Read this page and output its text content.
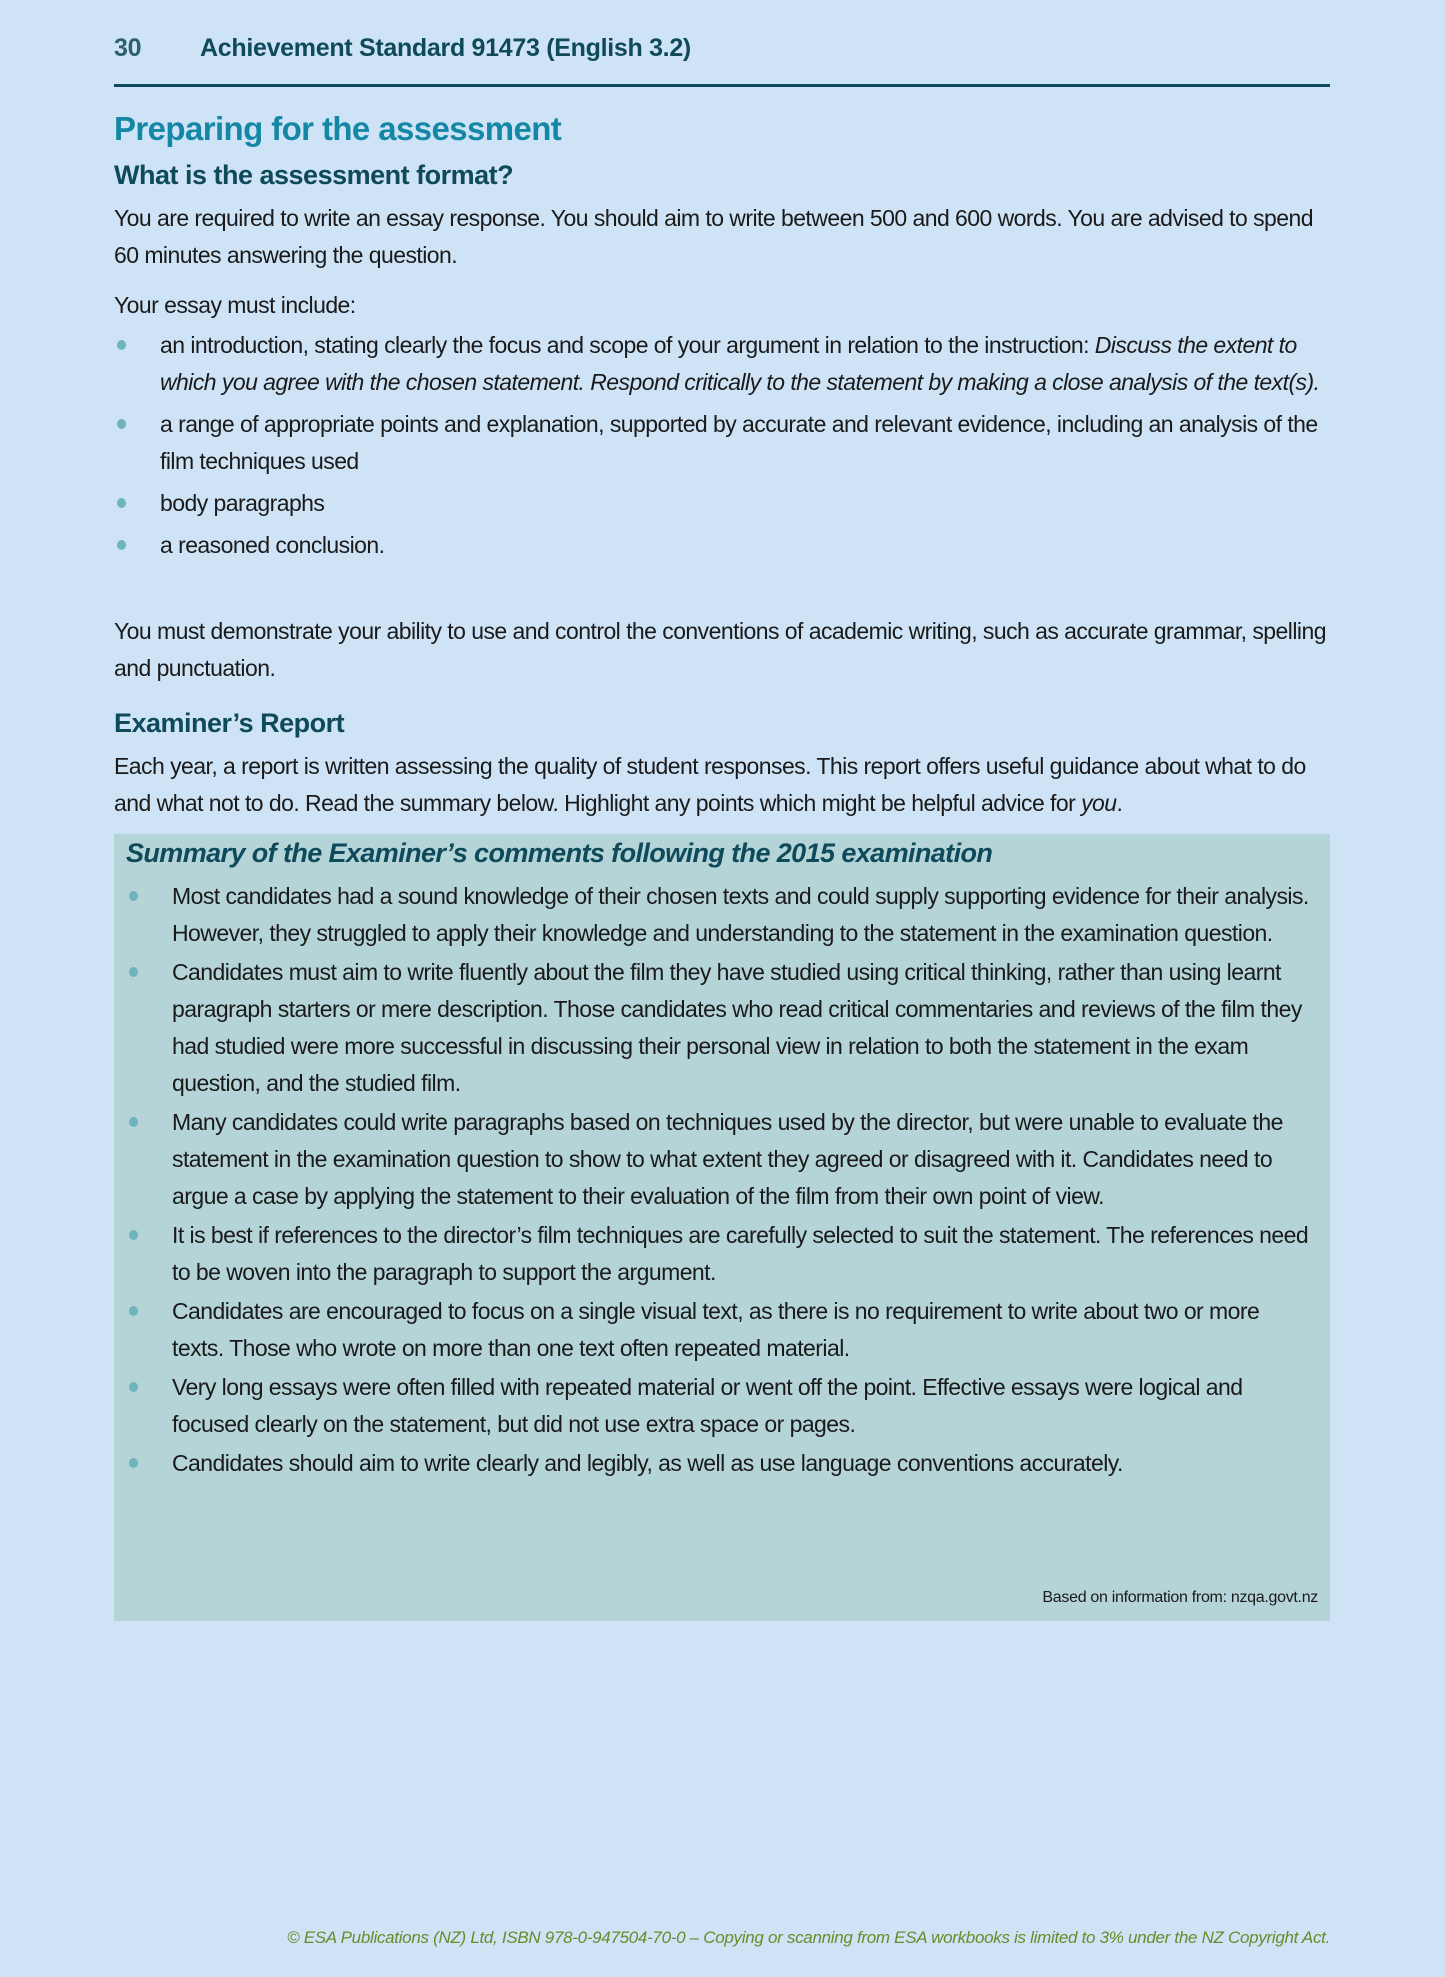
30	Achievement Standard 91473 (English 3.2)
Preparing for the assessment
What is the assessment format?
You are required to write an essay response. You should aim to write between 500 and 600 words. You are advised to spend 60 minutes answering the question.
Your essay must include:
an introduction, stating clearly the focus and scope of your argument in relation to the instruction: Discuss the extent to which you agree with the chosen statement. Respond critically to the statement by making a close analysis of the text(s).
a range of appropriate points and explanation, supported by accurate and relevant evidence, including an analysis of the film techniques used
body paragraphs
a reasoned conclusion.
You must demonstrate your ability to use and control the conventions of academic writing, such as accurate grammar, spelling and punctuation.
Examiner’s Report
Each year, a report is written assessing the quality of student responses. This report offers useful guidance about what to do and what not to do. Read the summary below. Highlight any points which might be helpful advice for you.
Summary of the Examiner’s comments following the 2015 examination
Most candidates had a sound knowledge of their chosen texts and could supply supporting evidence for their analysis. However, they struggled to apply their knowledge and understanding to the statement in the examination question.
Candidates must aim to write fluently about the film they have studied using critical thinking, rather than using learnt paragraph starters or mere description. Those candidates who read critical commentaries and reviews of the film they had studied were more successful in discussing their personal view in relation to both the statement in the exam question, and the studied film.
Many candidates could write paragraphs based on techniques used by the director, but were unable to evaluate the statement in the examination question to show to what extent they agreed or disagreed with it. Candidates need to argue a case by applying the statement to their evaluation of the film from their own point of view.
It is best if references to the director’s film techniques are carefully selected to suit the statement. The references need to be woven into the paragraph to support the argument.
Candidates are encouraged to focus on a single visual text, as there is no requirement to write about two or more texts. Those who wrote on more than one text often repeated material.
Very long essays were often filled with repeated material or went off the point. Effective essays were logical and focused clearly on the statement, but did not use extra space or pages.
Candidates should aim to write clearly and legibly, as well as use language conventions accurately.
Based on information from: nzqa.govt.nz
© ESA Publications (NZ) Ltd, ISBN 978-0-947504-70-0 – Copying or scanning from ESA workbooks is limited to 3% under the NZ Copyright Act.
